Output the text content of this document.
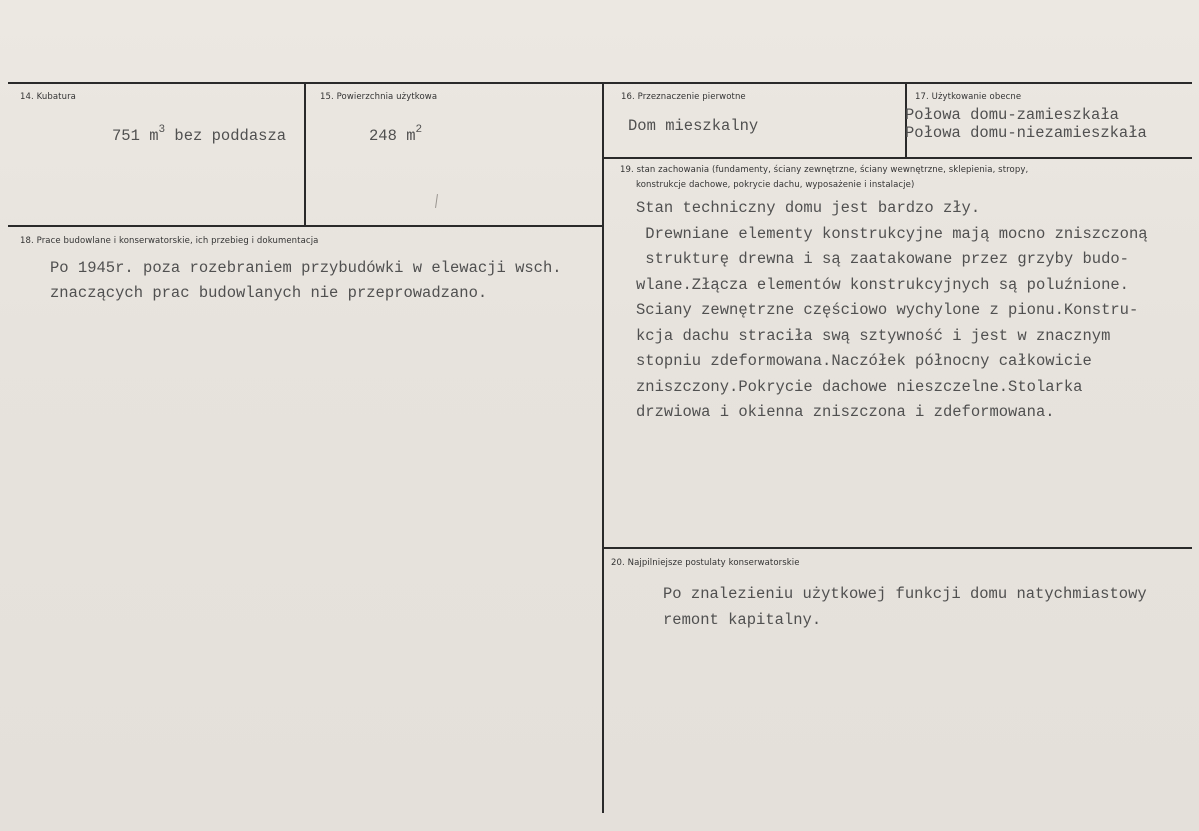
14. Kubatura
751 $m^3$ bez poddasza
15. Powierzchnia użytkowa
248 $m^2$
16. Przeznaczenie pierwotne
Dom mieszkalny
17. Użytkowanie obecne
Połowa domu-zamieszkała
Połowa domu-niezamieszkała
18. Prace budowlane i konserwatorskie, ich przebieg i dokumentacja
Po 1945r. poza rozebraniem przybudówki w elewacji wsch.
znaczących prac budowlanych nie przeprowadzano.
19. stan zachowania (fundamenty, ściany zewnętrzne, ściany wewnętrzne, sklepienia, stropy,
konstrukcje dachowe, pokrycie dachu, wyposażenie i instalacje)
Stan techniczny domu jest bardzo zły.
Drewniane elementy konstrukcyjne mają mocno zniszczoną
strukturę drewna i są zaatakowane przez grzyby budo-
wlane.Złącza elementów konstrukcyjnych są poluźnione.
Sciany zewnętrzne częściowo wychylone z pionu.Konstru-
kcja dachu straciła swą sztywność i jest w znacznym
stopniu zdeformowana.Naczółek północny całkowicie
zniszczony.Pokrycie dachowe nieszczelne.Stolarka
drzwiowa i okienna zniszczona i zdeformowana.
20. Najpilniejsze postulaty konserwatorskie
Po znalezieniu użytkowej funkcji domu natychmiastowy
remont kapitalny.
